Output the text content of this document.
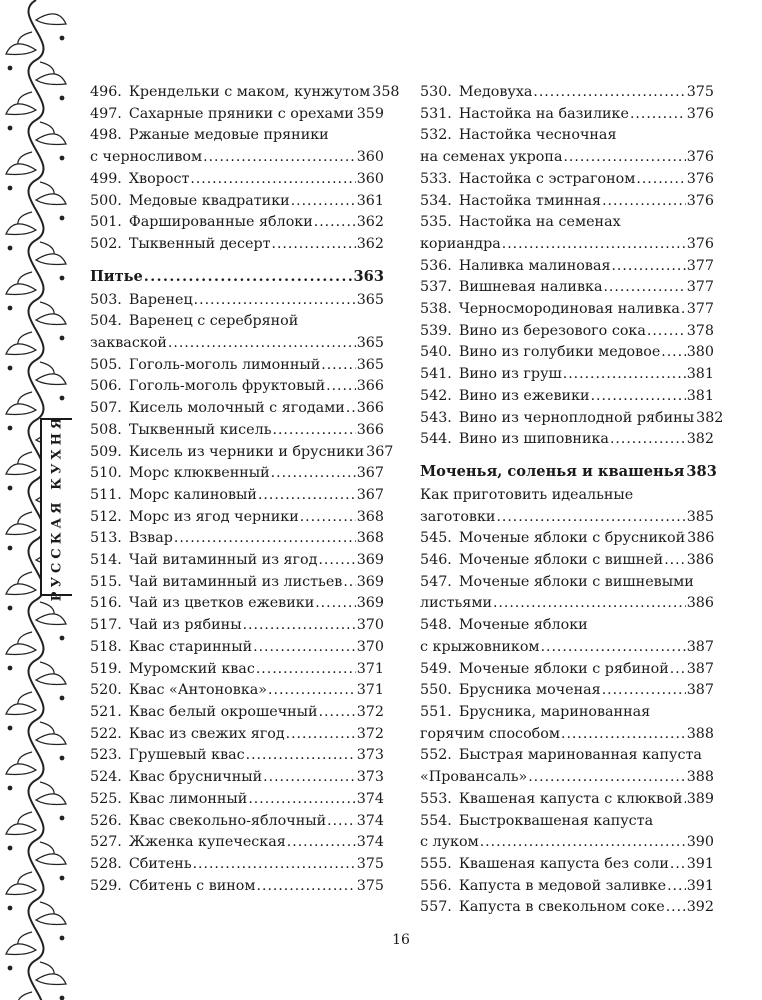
РУССКАЯ КУХНЯ
496. Крендельки с маком, кунжутом 358
497. Сахарные пряники с орехами ..... 359
498. Ржаные медовые пряники
с черносливом .....	360
499. Хворост .....	360
500. Медовые квадратики .....	361
501. Фаршированные яблоки .....	362
502. Тыквенный десерт .....	362
Питье .....	363
503. Варенец .....	365
504. Варенец с серебряной
закваской .....	365
505. Гоголь-моголь лимонный .....	365
506. Гоголь-моголь фруктовый ..... 366
507. Кисель молочный с ягодами ..... 366
508. Тыквенный кисель .....	366
509. Кисель из черники и брусники 367
510. Морс клюквенный .....	367
511. Морс калиновый .....	367
512. Морс из ягод черники .....	368
513. Взвар .....	368
514. Чай витаминный из ягод .....	369
515. Чай витаминный из листьев ..... 369
516. Чай из цветков ежевики .....	369
517. Чай из рябины .....	370
518. Квас старинный .....	370
519. Муромский квас .....	371
520. Квас «Антоновка» .....	371
521. Квас белый окрошечный .....	372
522. Квас из свежих ягод .....	372
523. Грушевый квас .....	373
524. Квас брусничный .....	373
525. Квас лимонный .....	374
526. Квас свекольно-яблочный ..... 374
527. Жженка купеческая .....	374
528. Сбитень .....	375
529. Сбитень с вином .....	375
530. Медовуха .....	375
531. Настойка на базилике .....	376
532. Настойка чесночная
на семенах укропа .....	376
533. Настойка с эстрагоном .....	376
534. Настойка тминная .....	376
535. Настойка на семенах
кориандра .....	376
536. Наливка малиновая .....	377
537. Вишневая наливка .....	377
538. Черносмородиновая наливка ..... 377
539. Вино из березового сока .....	378
540. Вино из голубики медовое ..... 380
541. Вино из груш .....	381
542. Вино из ежевики .....	381
543. Вино из черноплодной рябины 382
544. Вино из шиповника .....	382
Моченья, соленья и квашенья 383
Как приготовить идеальные
заготовки .....	385
545. Моченые яблоки с брусникой 386
546. Моченые яблоки с вишней ..... 386
547. Моченые яблоки с вишневыми
листьями .....	386
548. Моченые яблоки
с крыжовником .....	387
549. Моченые яблоки с рябиной ..... 387
550. Брусника моченая .....	387
551. Брусника, маринованная
горячим способом .....	388
552. Быстрая маринованная капуста
«Провансаль» .....	388
553. Квашеная капуста с клюквой ..... 389
554. Быстроквашеная капуста
с луком .....	390
555. Квашеная капуста без соли ..... 391
556. Капуста в медовой заливке ..... 391
557. Капуста в свекольном соке ..... 392
16
